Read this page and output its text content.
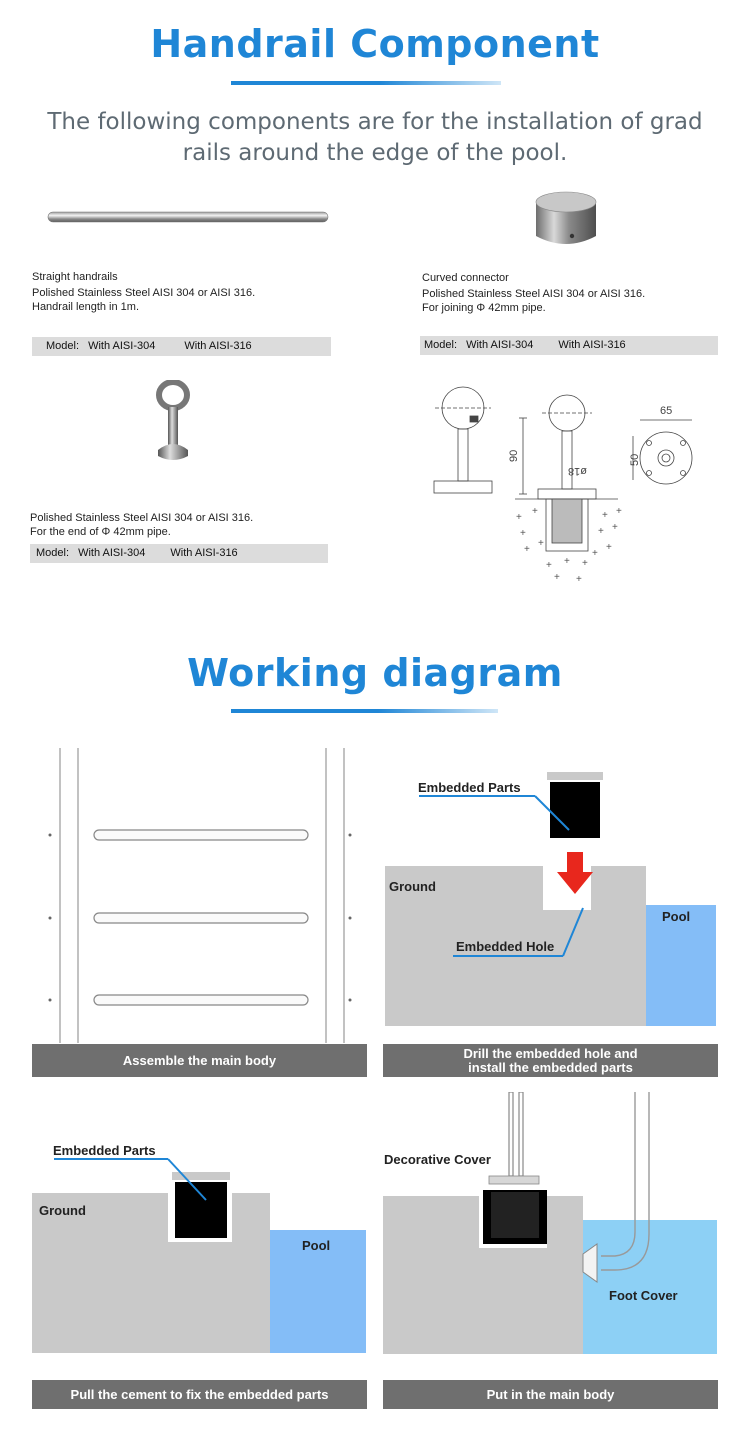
Handrail Component
The following components are for the installation of grad
rails around the edge of the pool.
Straight handrails
Polished Stainless Steel AISI 304 or AISI 316.
Handrail length in 1m.
Model: With AISI-304	With AISI-316
Curved connector
Polished Stainless Steel AISI 304 or AISI 316.
For joining Φ 42mm pipe.
Model: With AISI-304 With AISI-316
Polished Stainless Steel AISI 304 or AISI 316.
For the end of Φ 42mm pipe.
Model: With AISI-304 With AISI-316
90
ø18
+
+	+ +
+	+ +
+
+	+
+ + +
+ +
+
65
50
Working diagram
Assemble the main body
Embedded Parts
Ground
Embedded Hole
Pool
Drill the embedded hole and
install the embedded parts
Embedded Parts
Ground
Pool
Pull the cement to fix the embedded parts
Decorative Cover
Foot Cover
Put in the main body
